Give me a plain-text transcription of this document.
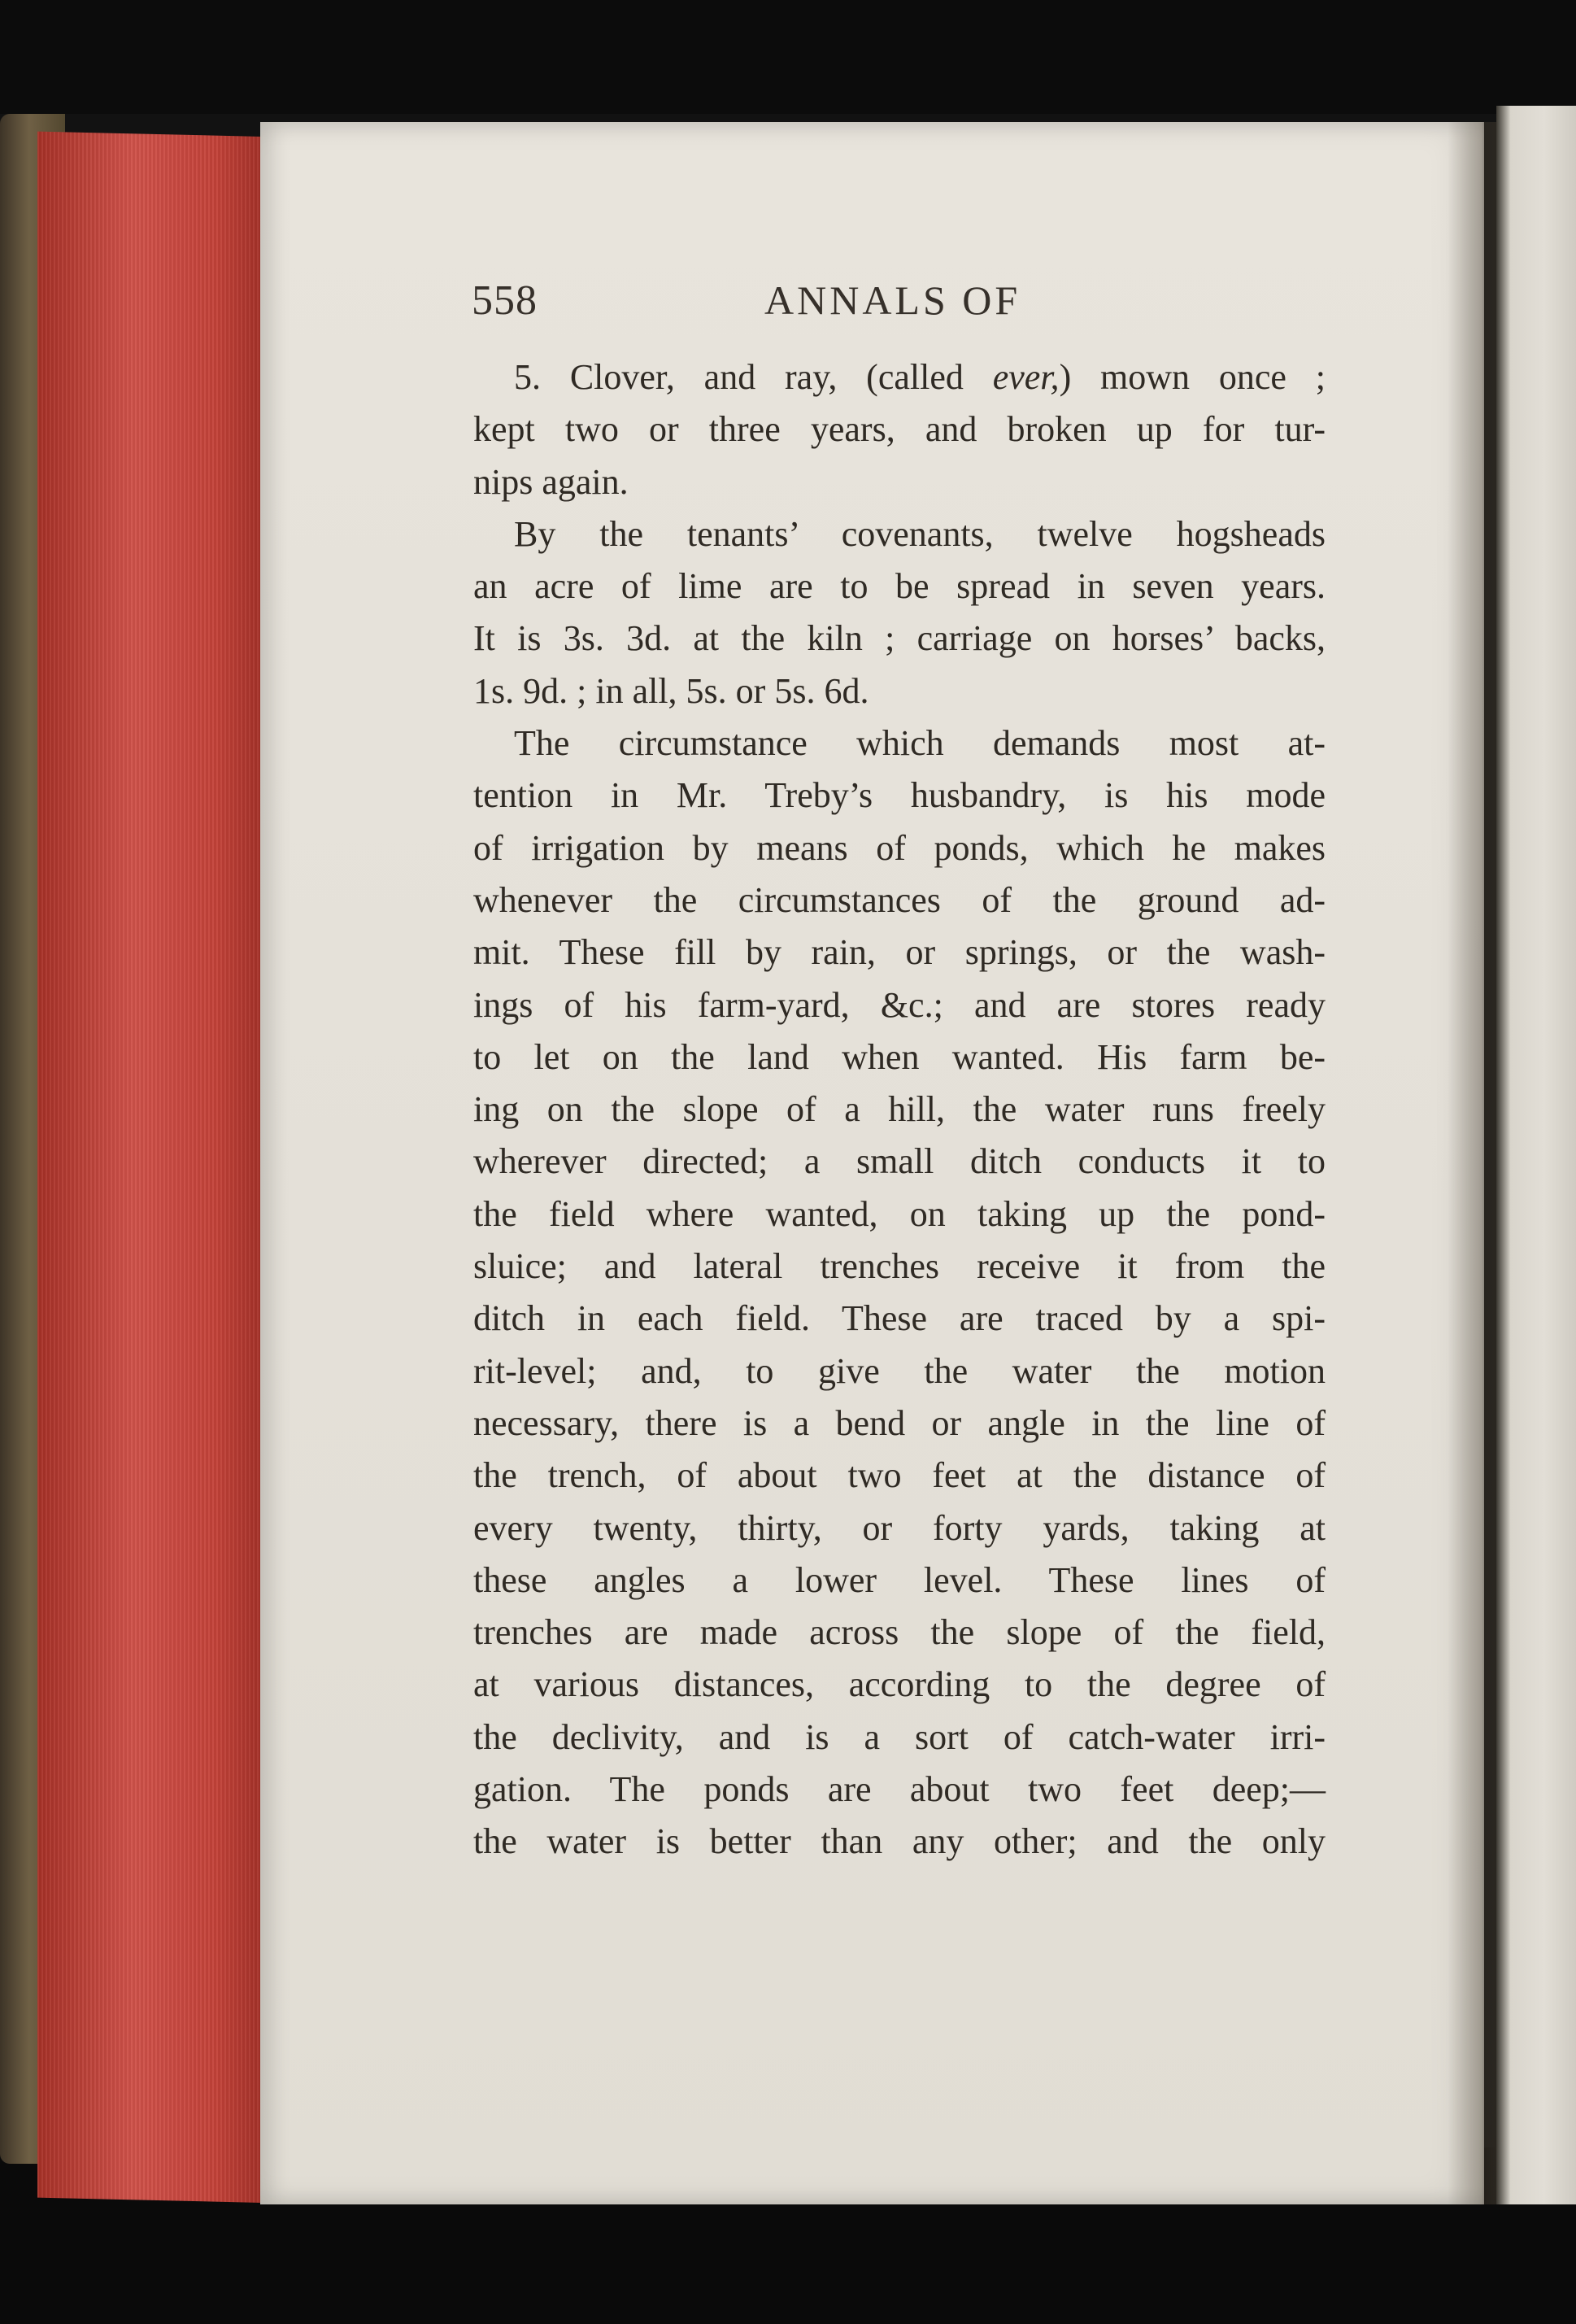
558	ANNALS OF
5. Clover, and ray, (called ever,) mown once ;
kept two or three years, and broken up for tur-
nips again.
By the tenants’ covenants, twelve hogsheads
an acre of lime are to be spread in seven years.
It is 3s. 3d. at the kiln ; carriage on horses’ backs,
1s. 9d. ; in all, 5s. or 5s. 6d.
The circumstance which demands most at-
tention in Mr. Treby’s husbandry, is his mode
of irrigation by means of ponds, which he makes
whenever the circumstances of the ground ad-
mit. These fill by rain, or springs, or the wash-
ings of his farm-yard, &c.; and are stores ready
to let on the land when wanted. His farm be-
ing on the slope of a hill, the water runs freely
wherever directed; a small ditch conducts it to
the field where wanted, on taking up the pond-
sluice; and lateral trenches receive it from the
ditch in each field. These are traced by a spi-
rit-level; and, to give the water the motion
necessary, there is a bend or angle in the line of
the trench, of about two feet at the distance of
every twenty, thirty, or forty yards, taking at
these angles a lower level. These lines of
trenches are made across the slope of the field,
at various distances, according to the degree of
the declivity, and is a sort of catch-water irri-
gation. The ponds are about two feet deep;—
the water is better than any other; and the only
